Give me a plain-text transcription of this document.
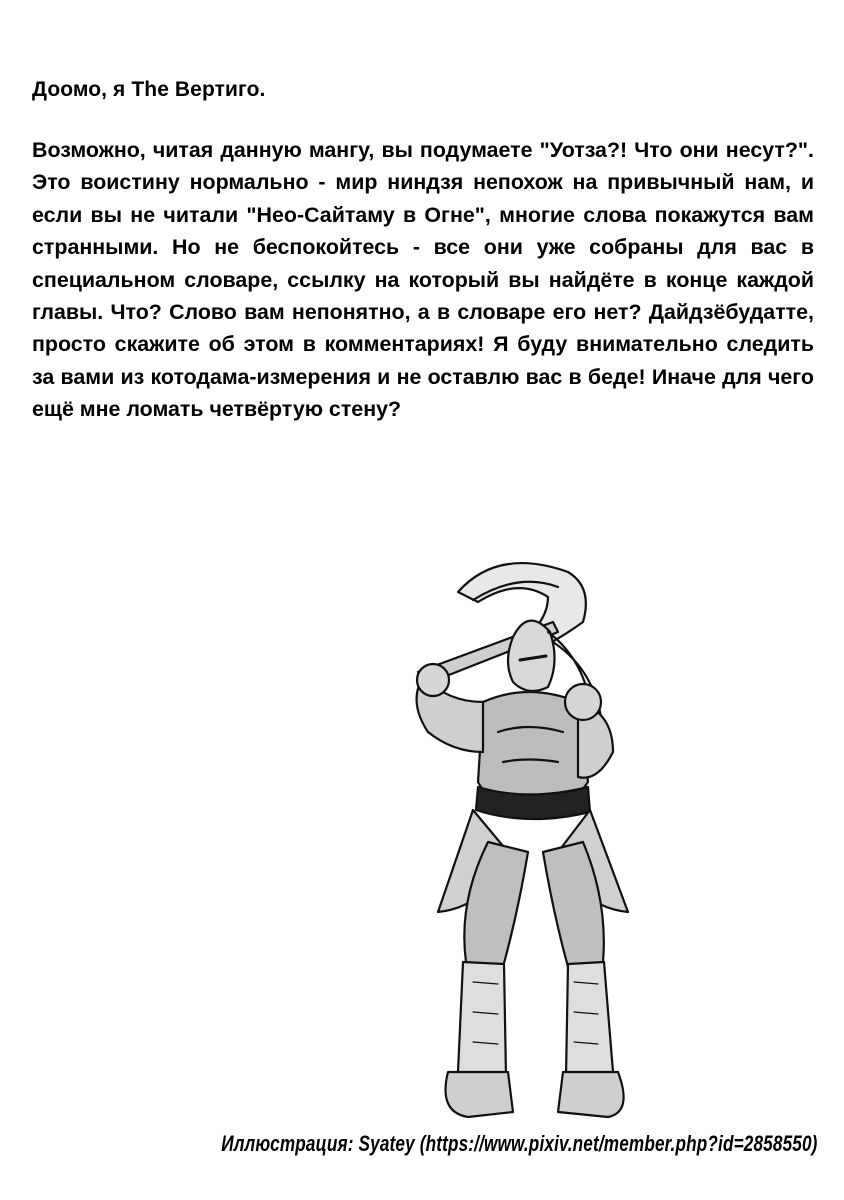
Доомо, я The Вертиго.

Возможно, читая данную мангу, вы подумаете "Уотза?! Что они несут?". Это воистину нормально - мир ниндзя непохож на привычный нам, и если вы не читали "Нео-Сайтаму в Огне", многие слова покажутся вам странными. Но не беспокойтесь - все они уже собраны для вас в специальном словаре, ссылку на который вы найдёте в конце каждой главы. Что? Слово вам непонятно, а в словаре его нет? Дайдзёбудатте, просто скажите об этом в комментариях! Я буду внимательно следить за вами из котодама-измерения и не оставлю вас в беде! Иначе для чего ещё мне ломать четвёртую стену?

Иллюстрация: Syatey (https://www.pixiv.net/member.php?id=2858550)
